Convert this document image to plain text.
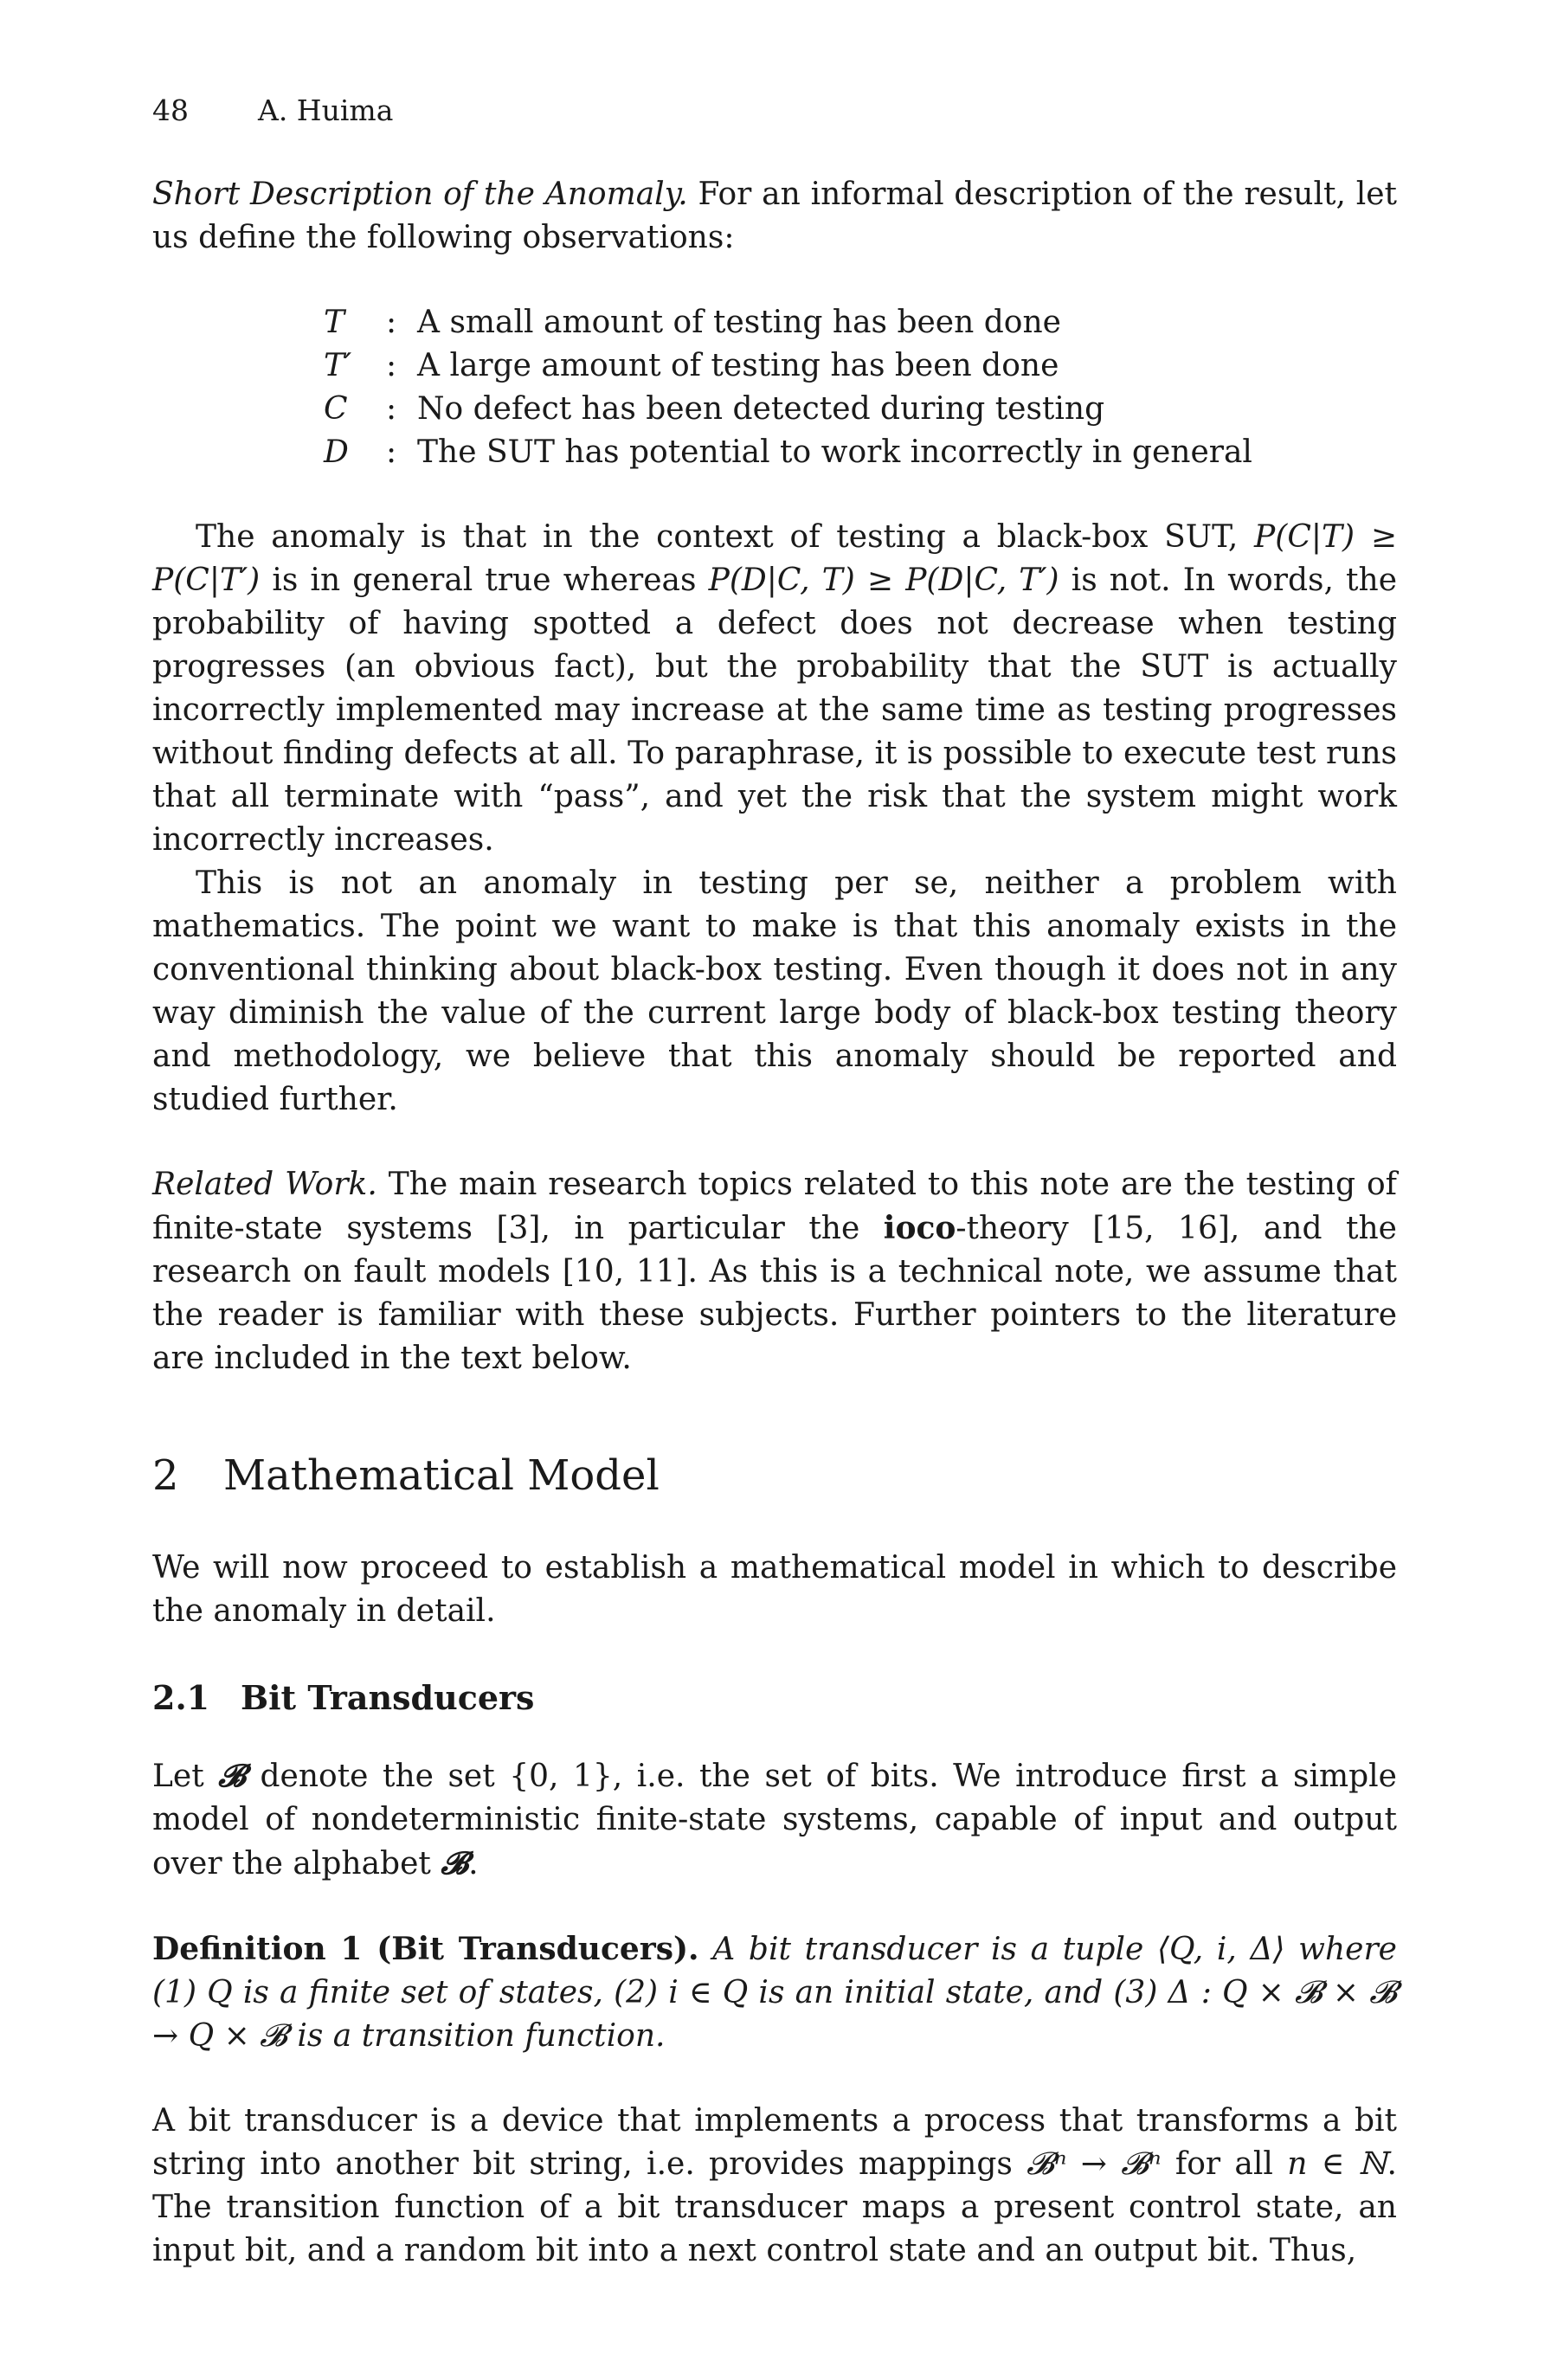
48 A. Huima

Short Description of the Anomaly. For an informal description of the result, let us define the following observations:

T : A small amount of testing has been done
T′ : A large amount of testing has been done
C : No defect has been detected during testing
D : The SUT has potential to work incorrectly in general

The anomaly is that in the context of testing a black-box SUT, P(C|T) ≥ P(C|T′) is in general true whereas P(D|C, T) ≥ P(D|C, T′) is not. In words, the probability of having spotted a defect does not decrease when testing progresses (an obvious fact), but the probability that the SUT is actually incorrectly implemented may increase at the same time as testing progresses without finding defects at all. To paraphrase, it is possible to execute test runs that all terminate with “pass”, and yet the risk that the system might work incorrectly increases.

This is not an anomaly in testing per se, neither a problem with mathematics. The point we want to make is that this anomaly exists in the conventional thinking about black-box testing. Even though it does not in any way diminish the value of the current large body of black-box testing theory and methodology, we believe that this anomaly should be reported and studied further.

Related Work. The main research topics related to this note are the testing of finite-state systems [3], in particular the ioco-theory [15, 16], and the research on fault models [10, 11]. As this is a technical note, we assume that the reader is familiar with these subjects. Further pointers to the literature are included in the text below.

2 Mathematical Model

We will now proceed to establish a mathematical model in which to describe the anomaly in detail.

2.1 Bit Transducers

Let 𝓑 denote the set {0, 1}, i.e. the set of bits. We introduce first a simple model of nondeterministic finite-state systems, capable of input and output over the alphabet 𝓑.

Definition 1 (Bit Transducers). A bit transducer is a tuple ⟨Q, i, Δ⟩ where (1) Q is a finite set of states, (2) i ∈ Q is an initial state, and (3) Δ : Q × 𝓑 × 𝓑 → Q × 𝓑 is a transition function.

A bit transducer is a device that implements a process that transforms a bit string into another bit string, i.e. provides mappings 𝓑ⁿ → 𝓑ⁿ for all n ∈ ℕ. The transition function of a bit transducer maps a present control state, an input bit, and a random bit into a next control state and an output bit. Thus,
